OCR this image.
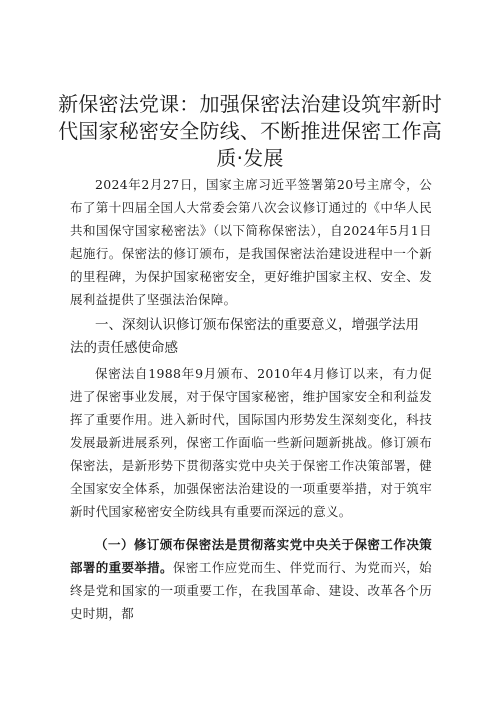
新保密法党课：加强保密法治建设筑牢新时代国家秘密安全防线、不断推进保密工作高质·发展

2024年2月27日，国家主席习近平签署第20号主席令，公布了第十四届全国人大常委会第八次会议修订通过的《中华人民共和国保守国家秘密法》（以下简称保密法），自2024年5月1日起施行。保密法的修订颁布，是我国保密法治建设进程中一个新的里程碑，为保护国家秘密安全，更好维护国家主权、安全、发展利益提供了坚强法治保障。

一、深刻认识修订颁布保密法的重要意义，增强学法用法的责任感使命感

保密法自1988年9月颁布、2010年4月修订以来，有力促进了保密事业发展，对于保守国家秘密，维护国家安全和利益发挥了重要作用。进入新时代，国际国内形势发生深刻变化，科技发展最新进展系列，保密工作面临一些新问题新挑战。修订颁布保密法，是新形势下贯彻落实党中央关于保密工作决策部署，健全国家安全体系，加强保密法治建设的一项重要举措，对于筑牢新时代国家秘密安全防线具有重要而深远的意义。

（一）修订颁布保密法是贯彻落实党中央关于保密工作决策部署的重要举措。保密工作应党而生、伴党而行、为党而兴，始终是党和国家的一项重要工作，在我国革命、建设、改革各个历史时期，都
